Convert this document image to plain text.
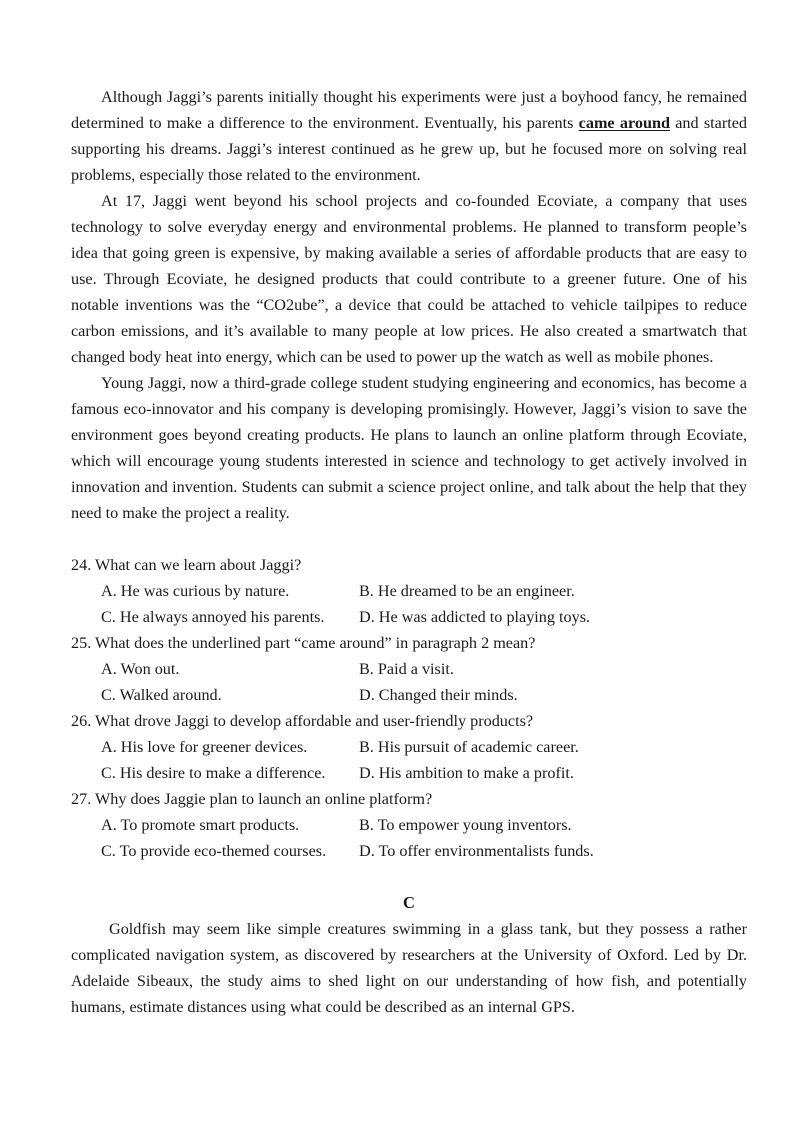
Although Jaggi’s parents initially thought his experiments were just a boyhood fancy, he remained determined to make a difference to the environment. Eventually, his parents came around and started supporting his dreams. Jaggi’s interest continued as he grew up, but he focused more on solving real problems, especially those related to the environment.

At 17, Jaggi went beyond his school projects and co-founded Ecoviate, a company that uses technology to solve everyday energy and environmental problems. He planned to transform people’s idea that going green is expensive, by making available a series of affordable products that are easy to use. Through Ecoviate, he designed products that could contribute to a greener future. One of his notable inventions was the “CO2ube”, a device that could be attached to vehicle tailpipes to reduce carbon emissions, and it’s available to many people at low prices. He also created a smartwatch that changed body heat into energy, which can be used to power up the watch as well as mobile phones.

Young Jaggi, now a third-grade college student studying engineering and economics, has become a famous eco-innovator and his company is developing promisingly. However, Jaggi’s vision to save the environment goes beyond creating products. He plans to launch an online platform through Ecoviate, which will encourage young students interested in science and technology to get actively involved in innovation and invention. Students can submit a science project online, and talk about the help that they need to make the project a reality.

24. What can we learn about Jaggi?
A. He was curious by nature.	B. He dreamed to be an engineer.
C. He always annoyed his parents.	D. He was addicted to playing toys.
25. What does the underlined part “came around” in paragraph 2 mean?
A. Won out.	B. Paid a visit.
C. Walked around.	D. Changed their minds.
26. What drove Jaggi to develop affordable and user-friendly products?
A. His love for greener devices.	B. His pursuit of academic career.
C. His desire to make a difference.	D. His ambition to make a profit.
27. Why does Jaggie plan to launch an online platform?
A. To promote smart products.	B. To empower young inventors.
C. To provide eco-themed courses.	D. To offer environmentalists funds.
C

Goldfish may seem like simple creatures swimming in a glass tank, but they possess a rather complicated navigation system, as discovered by researchers at the University of Oxford. Led by Dr. Adelaide Sibeaux, the study aims to shed light on our understanding of how fish, and potentially humans, estimate distances using what could be described as an internal GPS.
